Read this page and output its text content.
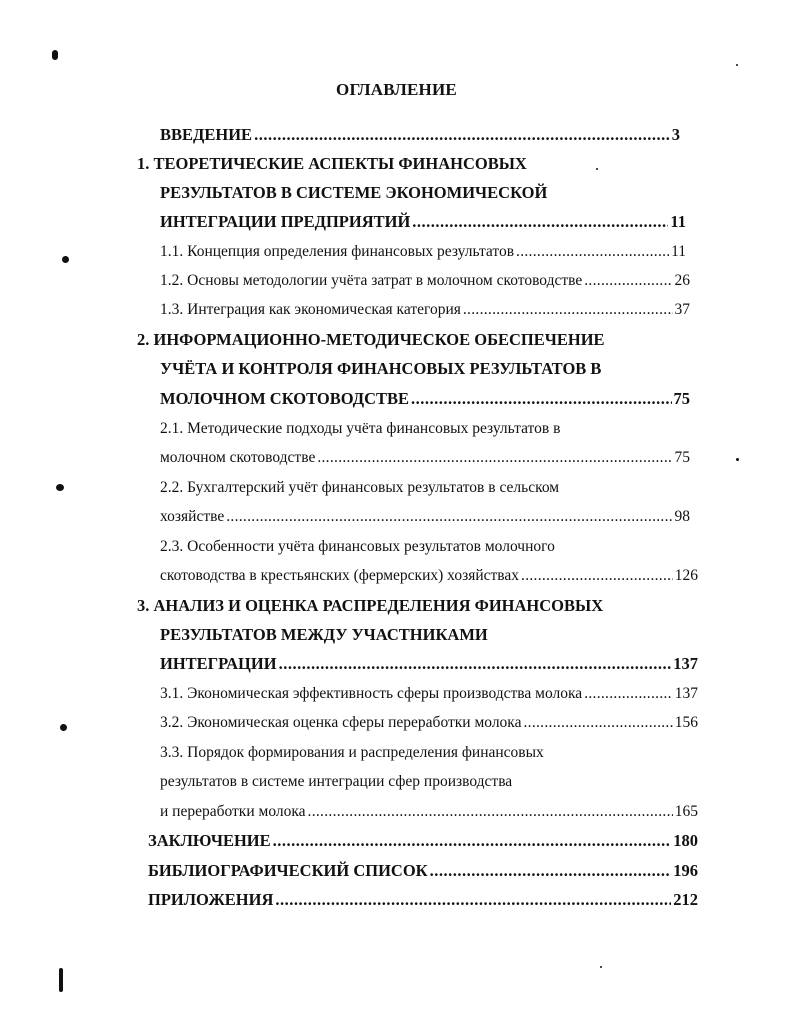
ОГЛАВЛЕНИЕ
ВВЕДЕНИЕ .....	3
1. ТЕОРЕТИЧЕСКИЕ АСПЕКТЫ ФИНАНСОВЫХ
РЕЗУЛЬТАТОВ В СИСТЕМЕ ЭКОНОМИЧЕСКОЙ
ИНТЕГРАЦИИ ПРЕДПРИЯТИЙ .....	11
1.1. Концепция определения финансовых результатов .....	11
1.2. Основы методологии учёта затрат в молочном скотоводстве .....	26
1.3. Интеграция как экономическая категория .....	37
2. ИНФОРМАЦИОННО-МЕТОДИЧЕСКОЕ ОБЕСПЕЧЕНИЕ
УЧЁТА И КОНТРОЛЯ ФИНАНСОВЫХ РЕЗУЛЬТАТОВ В
МОЛОЧНОМ СКОТОВОДСТВЕ .....	75
2.1. Методические подходы учёта финансовых результатов в
молочном скотоводстве .....	75
2.2. Бухгалтерский учёт финансовых результатов в сельском
хозяйстве .....	98
2.3. Особенности учёта финансовых результатов молочного
скотоводства в крестьянских (фермерских) хозяйствах .....	126
3. АНАЛИЗ И ОЦЕНКА РАСПРЕДЕЛЕНИЯ ФИНАНСОВЫХ
РЕЗУЛЬТАТОВ МЕЖДУ УЧАСТНИКАМИ
ИНТЕГРАЦИИ .....	137
3.1. Экономическая эффективность сферы производства молока .....	137
3.2. Экономическая оценка сферы переработки молока .....	156
3.3. Порядок формирования и распределения финансовых
результатов в системе интеграции сфер производства
и переработки молока .....	165
ЗАКЛЮЧЕНИЕ .....	180
БИБЛИОГРАФИЧЕСКИЙ СПИСОК .....	196
ПРИЛОЖЕНИЯ .....	212
